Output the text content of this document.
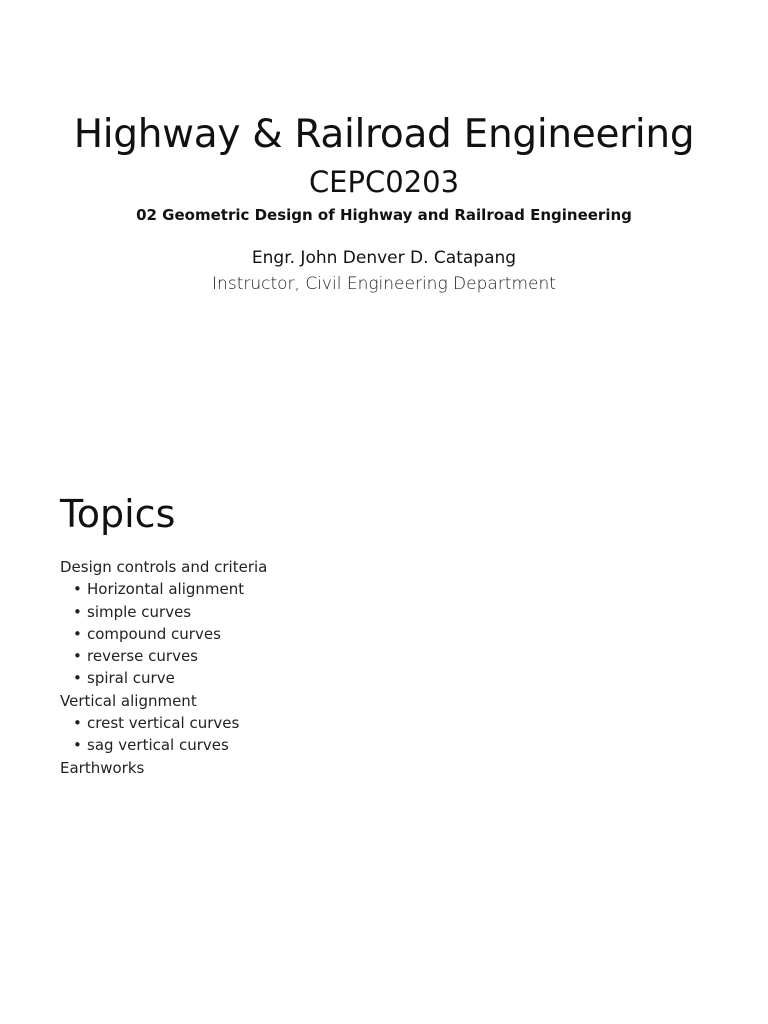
Highway & Railroad Engineering
CEPC0203
02 Geometric Design of Highway and Railroad Engineering
Engr. John Denver D. Catapang
Instructor, Civil Engineering Department
Topics
Design controls and criteria
• Horizontal alignment
• simple curves
• compound curves
• reverse curves
• spiral curve
Vertical alignment
• crest vertical curves
• sag vertical curves
Earthworks
